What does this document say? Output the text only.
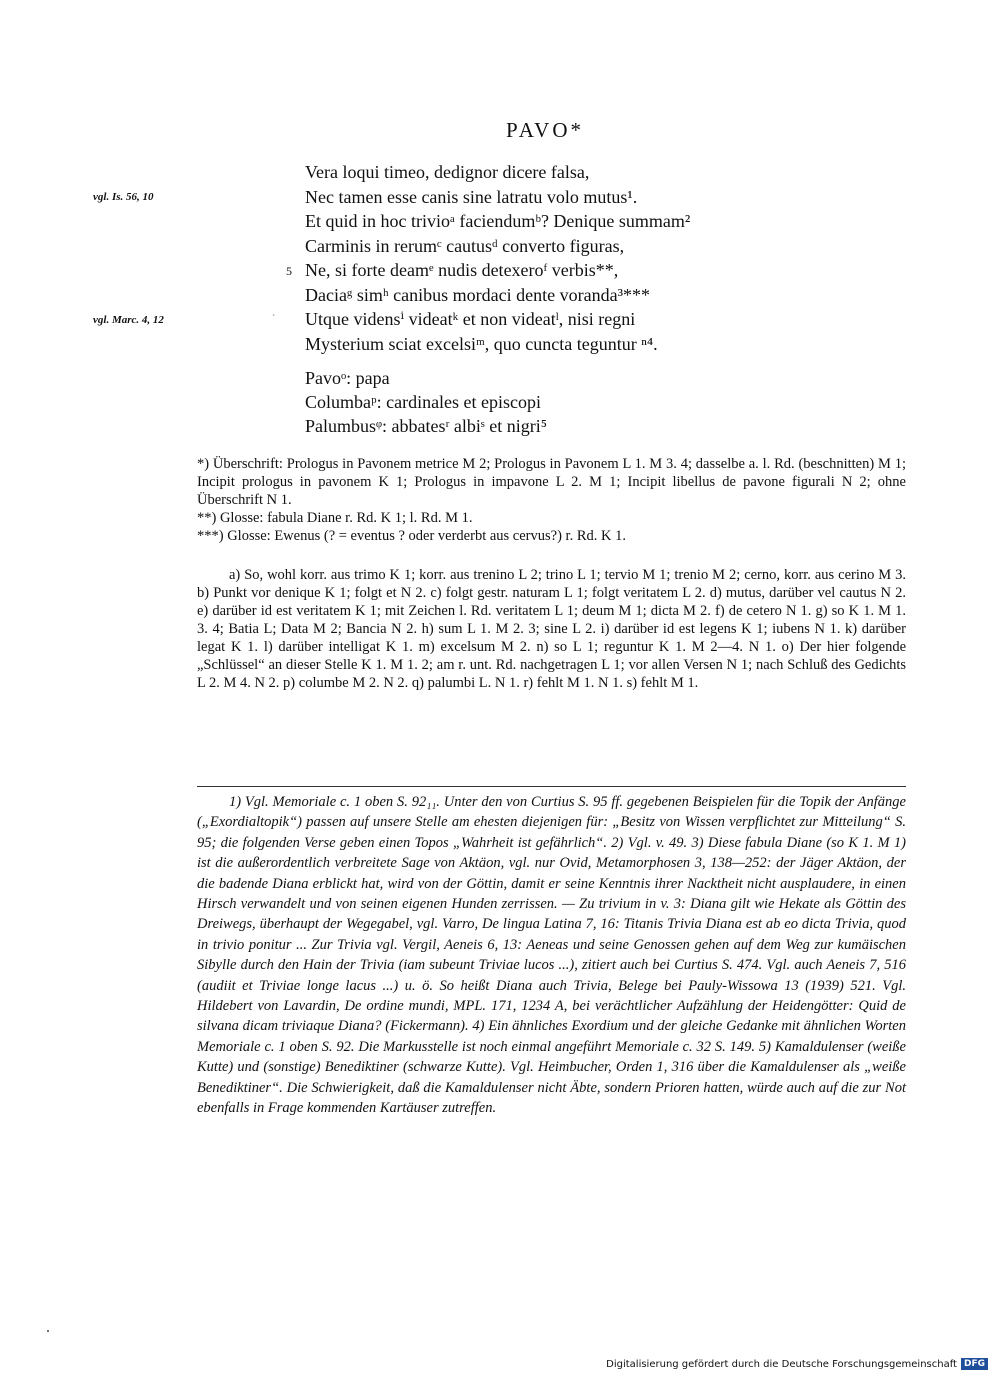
PAVO*
vgl. Is. 56, 10
vgl. Marc. 4, 12	ˋ
5
Vera loqui timeo, dedignor dicere falsa,
Nec tamen esse canis sine latratu volo mutus¹.
Et quid in hoc trivioᵃ faciendumᵇ? Denique summam²
Carminis in rerumᶜ cautusᵈ converto figuras,
Ne, si forte deamᵉ nudis detexeroᶠ verbis**,
Daciaᵍ simʰ canibus mordaci dente voranda³***
Utque vidensⁱ videatᵏ et non videatˡ, nisi regni
Mysterium sciat excelsiᵐ, quo cuncta teguntur ⁿ⁴.
Pavoᵒ: papa
Columbaᵖ: cardinales et episcopi
Palumbusᵠ: abbatesʳ albiˢ et nigri⁵

*) Überschrift: Prologus in Pavonem metrice M 2; Prologus in Pavonem L 1. M 3. 4; dasselbe a. l. Rd. (beschnitten) M 1; Incipit prologus in pavonem K 1; Prologus in impavone L 2. M 1; Incipit libellus de pavone figurali N 2; ohne Überschrift N 1.

**) Glosse: fabula Diane r. Rd. K 1; l. Rd. M 1.

***) Glosse: Ewenus (? = eventus ? oder verderbt aus cervus?) r. Rd. K 1.

a) So, wohl korr. aus trimo K 1; korr. aus trenino L 2; trino L 1; tervio M 1; trenio M 2; cerno, korr. aus cerino M 3. b) Punkt vor denique K 1; folgt et N 2. c) folgt gestr. naturam L 1; folgt veritatem L 2. d) mutus, darüber vel cautus N 2. e) darüber id est veritatem K 1; mit Zeichen l. Rd. veritatem L 1; deum M 1; dicta M 2. f) de cetero N 1. g) so K 1. M 1. 3. 4; Batia L; Data M 2; Bancia N 2. h) sum L 1. M 2. 3; sine L 2. i) darüber id est legens K 1; iubens N 1. k) darüber legat K 1. l) darüber intelligat K 1. m) excelsum M 2. n) so L 1; reguntur K 1. M 2—4. N 1. o) Der hier folgende „Schlüssel“ an dieser Stelle K 1. M 1. 2; am r. unt. Rd. nachgetragen L 1; vor allen Versen N 1; nach Schluß des Gedichts L 2. M 4. N 2. p) columbe M 2. N 2. q) palumbi L. N 1. r) fehlt M 1. N 1. s) fehlt M 1.

1) Vgl. Memoriale c. 1 oben S. 92₁₁. Unter den von Curtius S. 95 ff. gegebenen Beispielen für die Topik der Anfänge („Exordialtopik“) passen auf unsere Stelle am ehesten diejenigen für: „Besitz von Wissen verpflichtet zur Mitteilung“ S. 95; die folgenden Verse geben einen Topos „Wahrheit ist gefährlich“. 2) Vgl. v. 49. 3) Diese fabula Diane (so K 1. M 1) ist die außerordentlich verbreitete Sage von Aktäon, vgl. nur Ovid, Metamorphosen 3, 138—252: der Jäger Aktäon, der die badende Diana erblickt hat, wird von der Göttin, damit er seine Kenntnis ihrer Nacktheit nicht ausplaudere, in einen Hirsch verwandelt und von seinen eigenen Hunden zerrissen. — Zu trivium in v. 3: Diana gilt wie Hekate als Göttin des Dreiwegs, überhaupt der Wegegabel, vgl. Varro, De lingua Latina 7, 16: Titanis Trivia Diana est ab eo dicta Trivia, quod in trivio ponitur ... Zur Trivia vgl. Vergil, Aeneis 6, 13: Aeneas und seine Genossen gehen auf dem Weg zur kumäischen Sibylle durch den Hain der Trivia (iam subeunt Triviae lucos ...), zitiert auch bei Curtius S. 474. Vgl. auch Aeneis 7, 516 (audiit et Triviae longe lacus ...) u. ö. So heißt Diana auch Trivia, Belege bei Pauly-Wissowa 13 (1939) 521. Vgl. Hildebert von Lavardin, De ordine mundi, MPL. 171, 1234 A, bei verächtlicher Aufzählung der Heidengötter: Quid de silvana dicam triviaque Diana? (Fickermann). 4) Ein ähnliches Exordium und der gleiche Gedanke mit ähnlichen Worten Memoriale c. 1 oben S. 92. Die Markusstelle ist noch einmal angeführt Memoriale c. 32 S. 149. 5) Kamaldulenser (weiße Kutte) und (sonstige) Benediktiner (schwarze Kutte). Vgl. Heimbucher, Orden 1, 316 über die Kamaldulenser als „weiße Benediktiner“. Die Schwierigkeit, daß die Kamaldulenser nicht Äbte, sondern Prioren hatten, würde auch auf die zur Not ebenfalls in Frage kommenden Kartäuser zutreffen.

Digitalisierung gefördert durch die Deutsche Forschungsgemeinschaft DFG
